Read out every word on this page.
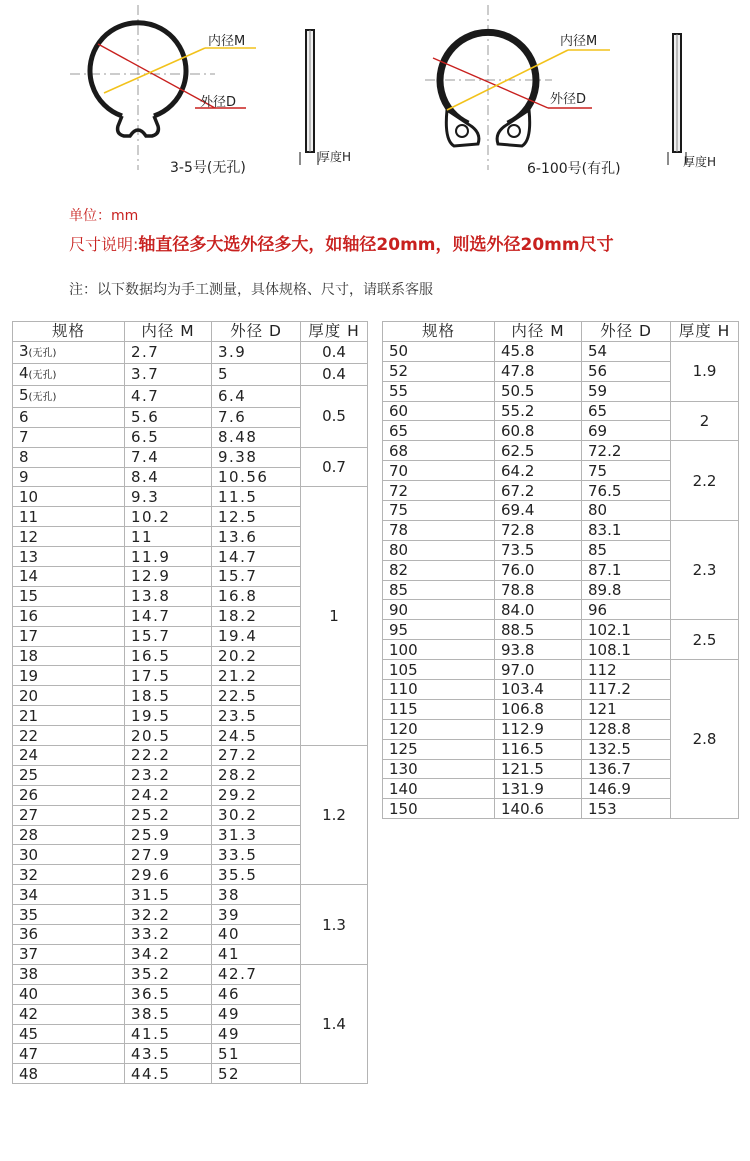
内径M
外径D
3-5号(无孔)
厚度H
内径M
外径D
6-100号(有孔)	厚度H
单位：mm
尺寸说明:轴直径多大选外径多大，如轴径20mm，则选外径20mm尺寸
注：以下数据均为手工测量，具体规格、尺寸，请联系客服
规格	内径 M	外径 D	厚度 H
3(无孔)	2.7	3.9	0.4
4(无孔)	3.7	5	0.4
5(无孔)	4.7	6.4	0.5
6	5.6	7.6	
7	6.5	8.48	
8	7.4	9.38	0.7
9	8.4	10.56	
10	9.3	11.5	1
11	10.2	12.5	
12	11	13.6	
13	11.9	14.7	
14	12.9	15.7	
15	13.8	16.8	
16	14.7	18.2	
17	15.7	19.4	
18	16.5	20.2	
19	17.5	21.2	
20	18.5	22.5	
21	19.5	23.5	
22	20.5	24.5	
24	22.2	27.2	1.2
25	23.2	28.2	
26	24.2	29.2	
27	25.2	30.2	
28	25.9	31.3	
30	27.9	33.5	
32	29.6	35.5	
34	31.5	38	1.3
35	32.2	39	
36	33.2	40	
37	34.2	41	
38	35.2	42.7	1.4
40	36.5	46	
42	38.5	49	
45	41.5	49	
47	43.5	51	
48	44.5	52	
规格	内径 M	外径 D	厚度 H
50	45.8	54	1.9
52	47.8	56	
55	50.5	59	
60	55.2	65	2
65	60.8	69	
68	62.5	72.2	2.2
70	64.2	75	
72	67.2	76.5	
75	69.4	80	
78	72.8	83.1	2.3
80	73.5	85	
82	76.0	87.1	
85	78.8	89.8	
90	84.0	96	
95	88.5	102.1	2.5
100	93.8	108.1	
105	97.0	112	2.8
110	103.4	117.2	
115	106.8	121	
120	112.9	128.8	
125	116.5	132.5	
130	121.5	136.7	
140	131.9	146.9	
150	140.6	153	
